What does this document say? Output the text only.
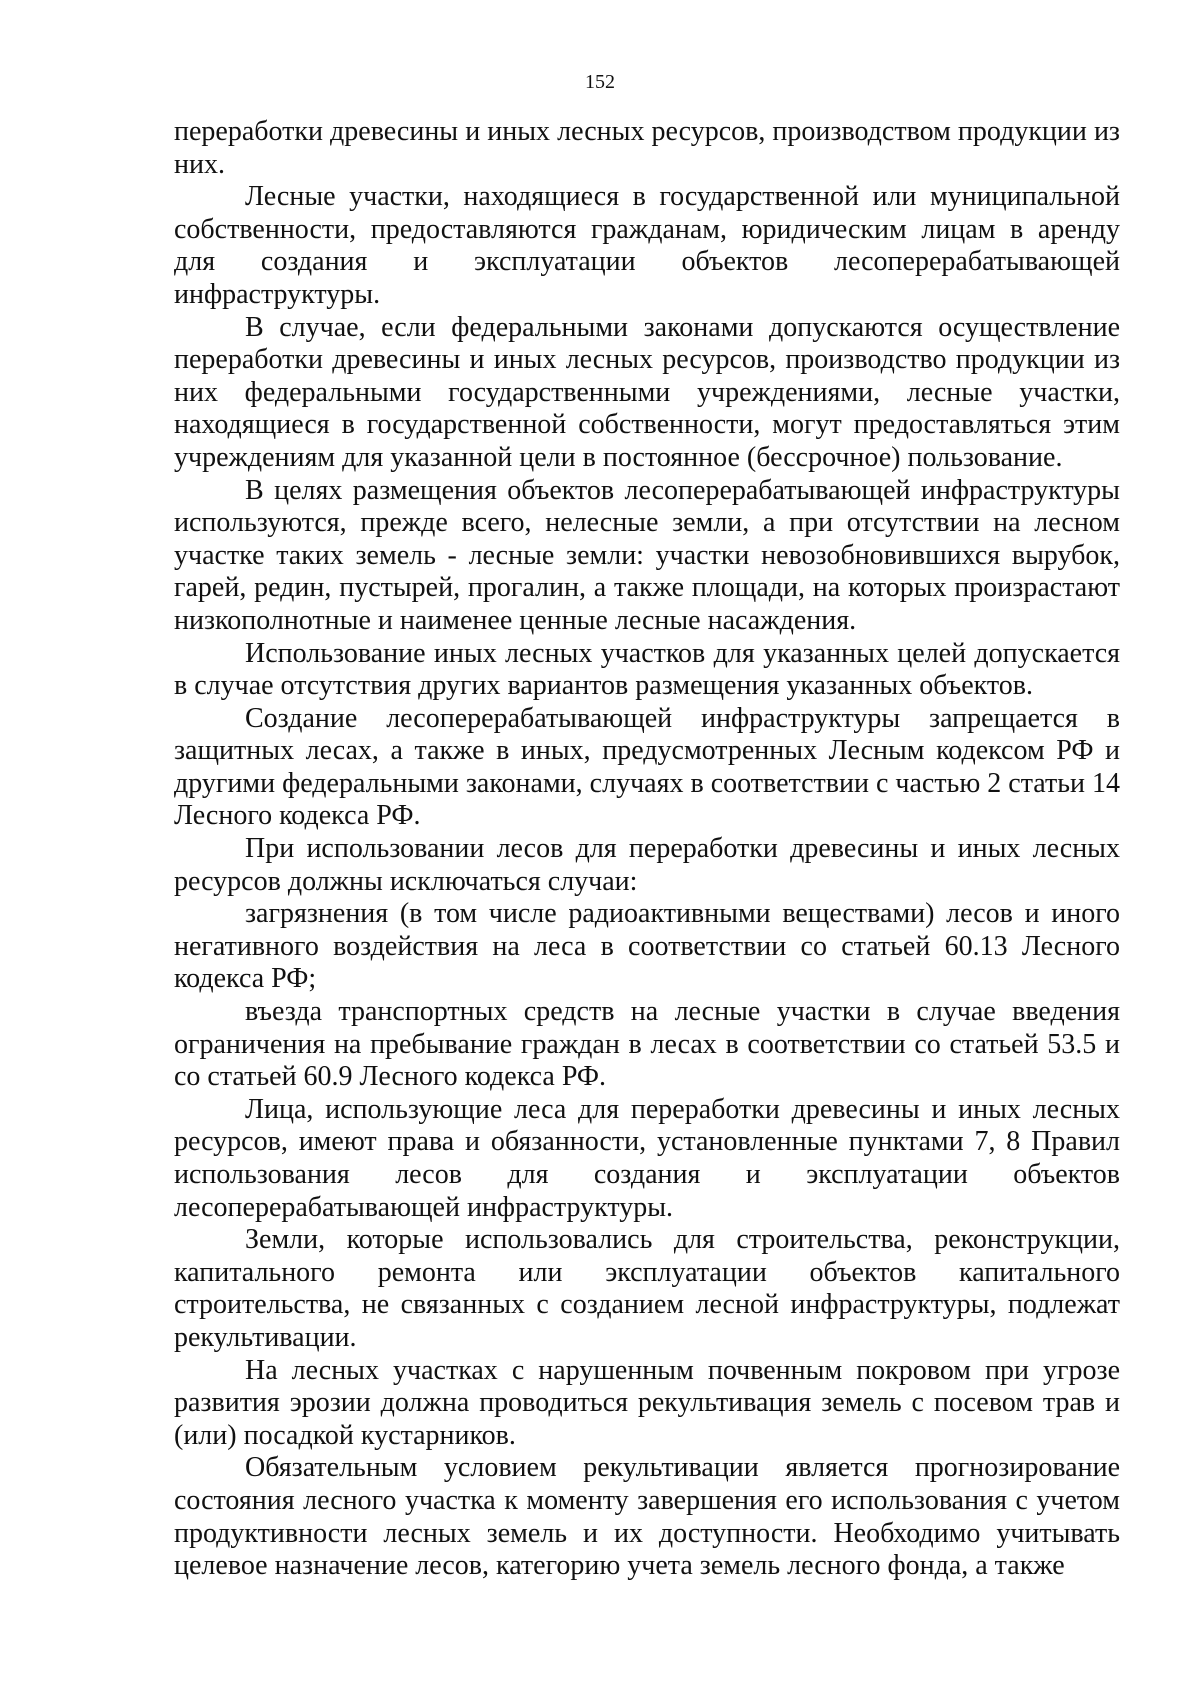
152

переработки древесины и иных лесных ресурсов, производством продукции из них.

Лесные участки, находящиеся в государственной или муниципальной собственности, предоставляются гражданам, юридическим лицам в аренду для создания и эксплуатации объектов лесоперерабатывающей инфраструктуры.

В случае, если федеральными законами допускаются осуществление переработки древесины и иных лесных ресурсов, производство продукции из них федеральными государственными учреждениями, лесные участки, находящиеся в государственной собственности, могут предоставляться этим учреждениям для указанной цели в постоянное (бессрочное) пользование.

В целях размещения объектов лесоперерабатывающей инфраструктуры используются, прежде всего, нелесные земли, а при отсутствии на лесном участке таких земель - лесные земли: участки невозобновившихся вырубок, гарей, редин, пустырей, прогалин, а также площади, на которых произрастают низкополнотные и наименее ценные лесные насаждения.

Использование иных лесных участков для указанных целей допускается в случае отсутствия других вариантов размещения указанных объектов.

Создание лесоперерабатывающей инфраструктуры запрещается в защитных лесах, а также в иных, предусмотренных Лесным кодексом РФ и другими федеральными законами, случаях в соответствии с частью 2 статьи 14 Лесного кодекса РФ.

При использовании лесов для переработки древесины и иных лесных ресурсов должны исключаться случаи:

загрязнения (в том числе радиоактивными веществами) лесов и иного негативного воздействия на леса в соответствии со статьей 60.13 Лесного кодекса РФ;

въезда транспортных средств на лесные участки в случае введения ограничения на пребывание граждан в лесах в соответствии со статьей 53.5 и со статьей 60.9 Лесного кодекса РФ.

Лица, использующие леса для переработки древесины и иных лесных ресурсов, имеют права и обязанности, установленные пунктами 7, 8 Правил использования лесов для создания и эксплуатации объектов лесоперерабатывающей инфраструктуры.

Земли, которые использовались для строительства, реконструкции, капитального ремонта или эксплуатации объектов капитального строительства, не связанных с созданием лесной инфраструктуры, подлежат рекультивации.

На лесных участках с нарушенным почвенным покровом при угрозе развития эрозии должна проводиться рекультивация земель с посевом трав и (или) посадкой кустарников.

Обязательным условием рекультивации является прогнозирование состояния лесного участка к моменту завершения его использования с учетом продуктивности лесных земель и их доступности. Необходимо учитывать целевое назначение лесов, категорию учета земель лесного фонда, а также
